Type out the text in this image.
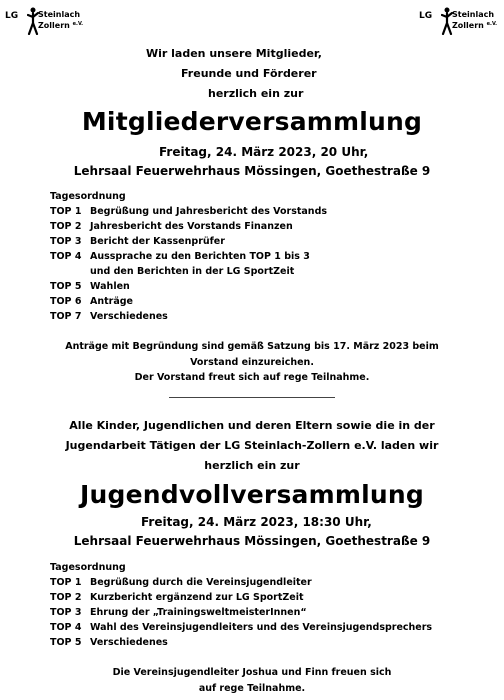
LG Steinlach
Zollern $^{e.V.}$
LG Steinlach
Zollern $^{e.V.}$
Wir laden unsere Mitglieder,
Freunde und Förderer
herzlich ein zur
Mitgliederversammlung
Freitag, 24. März 2023, 20 Uhr,
Lehrsaal Feuerwehrhaus Mössingen, Goethestraße 9
Tagesordnung
TOP 1 Begrüßung und Jahresbericht des Vorstands
TOP 2 Jahresbericht des Vorstands Finanzen
TOP 3 Bericht der Kassenprüfer
TOP 4 Aussprache zu den Berichten TOP 1 bis 3
und den Berichten in der LG SportZeit
TOP 5 Wahlen
TOP 6 Anträge
TOP 7 Verschiedenes
Anträge mit Begründung sind gemäß Satzung bis 17. März 2023 beim
Vorstand einzureichen.
Der Vorstand freut sich auf rege Teilnahme.
Alle Kinder, Jugendlichen und deren Eltern sowie die in der
Jugendarbeit Tätigen der LG Steinlach-Zollern e.V. laden wir
herzlich ein zur
Jugendvollversammlung
Freitag, 24. März 2023, 18:30 Uhr,
Lehrsaal Feuerwehrhaus Mössingen, Goethestraße 9
Tagesordnung
TOP 1 Begrüßung durch die Vereinsjugendleiter
TOP 2 Kurzbericht ergänzend zur LG SportZeit
TOP 3 Ehrung der „TrainingsweltmeisterInnen“
TOP 4 Wahl des Vereinsjugendleiters und des Vereinsjugendsprechers
TOP 5 Verschiedenes
Die Vereinsjugendleiter Joshua und Finn freuen sich
auf rege Teilnahme.
